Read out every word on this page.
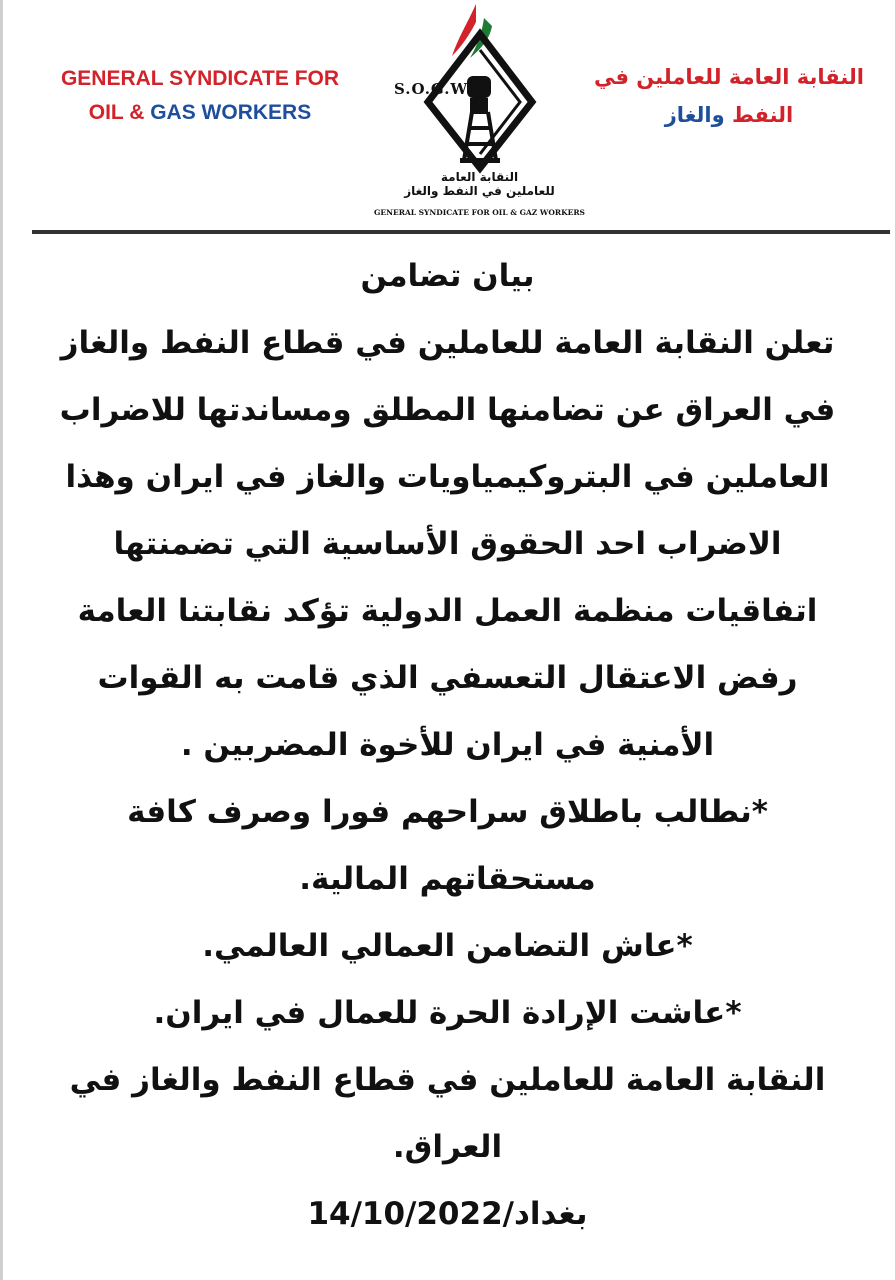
GENERAL SYNDICATE FOR
OIL & GAS WORKERS
S.O.G.W
النقابة العامة
للعاملين في النفط والغاز
GENERAL SYNDICATE FOR OIL & GAZ WORKERS
النقابة العامة للعاملين في
النفط والغاز
بيان تضامن
تعلن النقابة العامة للعاملين في قطاع النفط والغاز
في العراق عن تضامنها المطلق ومساندتها للاضراب
العاملين في البتروكيمياويات والغاز في ايران وهذا
الاضراب احد الحقوق الأساسية التي تضمنتها
اتفاقيات منظمة العمل الدولية تؤكد نقابتنا العامة
رفض الاعتقال التعسفي الذي قامت به القوات
الأمنية في ايران للأخوة المضربين .
*نطالب باطلاق سراحهم فورا وصرف كافة
مستحقاتهم المالية.
*عاش التضامن العمالي العالمي.
*عاشت الإرادة الحرة للعمال في ايران.
النقابة العامة للعاملين في قطاع النفط والغاز في
العراق.
بغداد/14/10/2022
